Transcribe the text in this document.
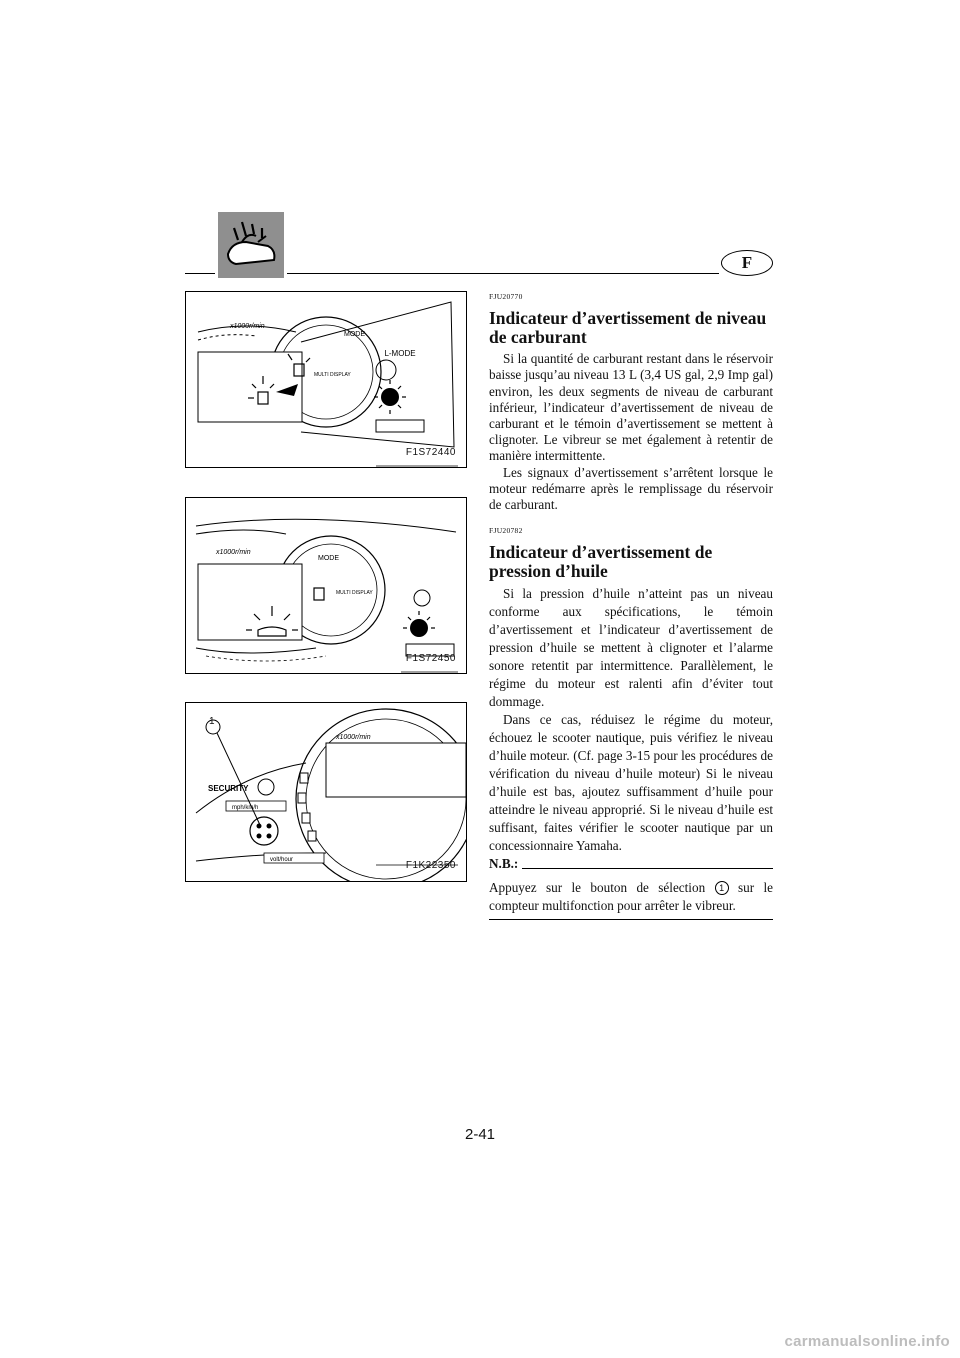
F
L-MODE
x1000r/min
MODE
MULTI DISPLAY
F1S72440
MULTI DISPLAY
x1000r/min
MODE
F1S72450
x1000r/min
SECURITY
mph/km/h
volt/hour
1
F1K22350
FJU20770
Indicateur d’avertissement de niveau de carburant

Si la quantité de carburant restant dans le réservoir baisse jusqu’au niveau 13 L (3,4 US gal, 2,9 Imp gal) environ, les deux segments de niveau de carburant inférieur, l’indicateur d’avertissement de niveau de carburant et le témoin d’avertissement se mettent à clignoter. Le vibreur se met également à retentir de manière intermittente.

Les signaux d’avertissement s’arrêtent lorsque le moteur redémarre après le remplissage du réservoir de carburant.

FJU20782
Indicateur d’avertissement de pression d’huile

Si la pression d’huile n’atteint pas un niveau conforme aux spécifications, le témoin d’avertissement et l’indicateur d’avertissement de pression d’huile se mettent à clignoter et l’alarme sonore retentit par intermittence. Parallèlement, le régime du moteur est ralenti afin d’éviter tout dommage.

Dans ce cas, réduisez le régime du moteur, échouez le scooter nautique, puis vérifiez le niveau d’huile moteur. (Cf. page 3-15 pour les procédures de vérification du niveau d’huile moteur) Si le niveau d’huile est bas, ajoutez suffisamment d’huile pour atteindre le niveau approprié. Si le niveau d’huile est suffisant, faites vérifier le scooter nautique par un concessionnaire Yamaha.

N.B.:

Appuyez sur le bouton de sélection 1 sur le compteur multifonction pour arrêter le vibreur.

2-41
carmanualsonline.info
